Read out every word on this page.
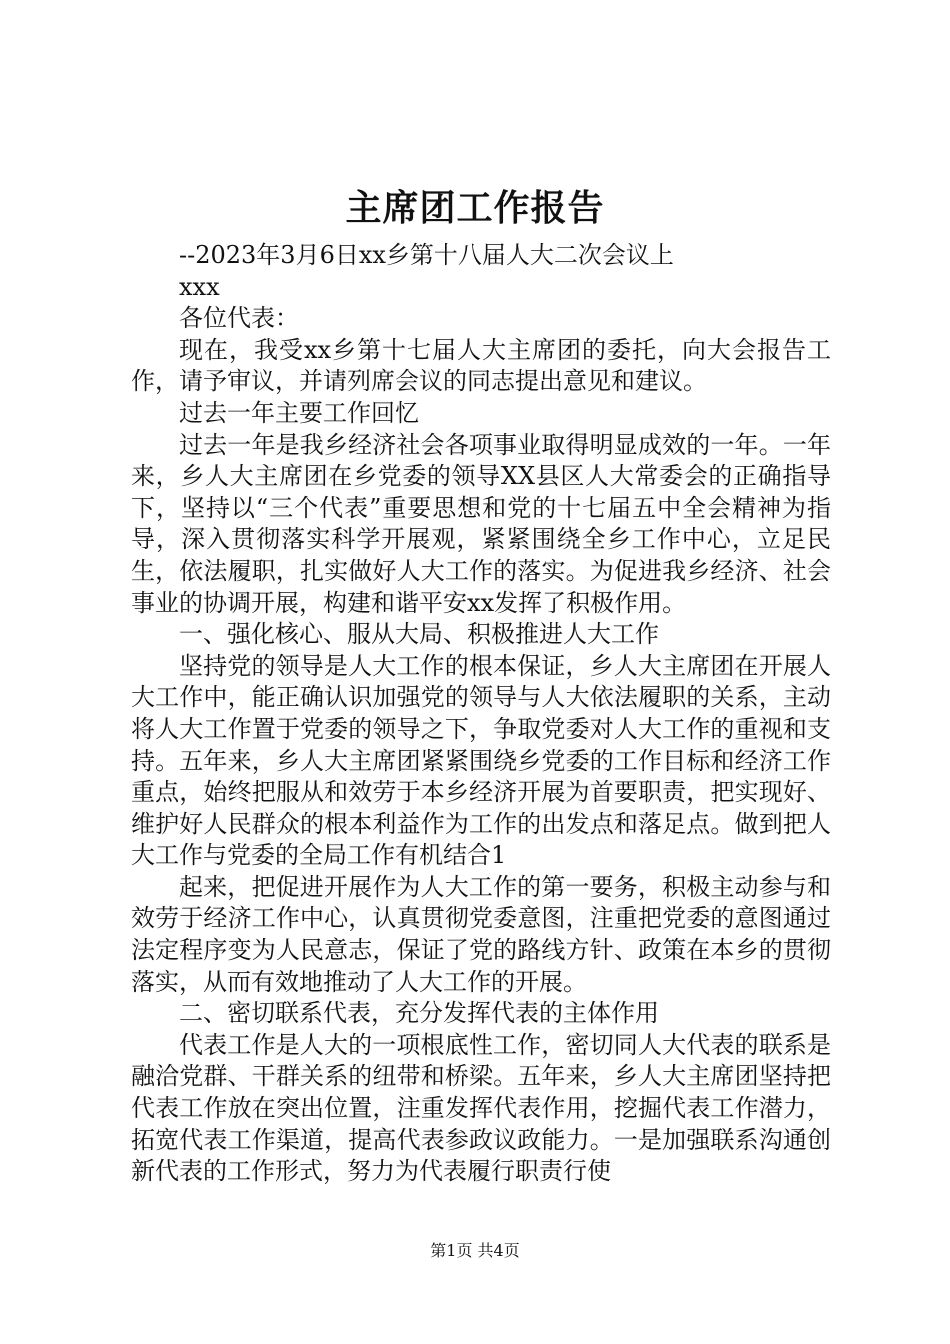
主席团工作报告

--2023年3月6日xx乡第十八届人大二次会议上

xxx

各位代表：

现在，我受xx乡第十七届人大主席团的委托，向大会报告工作，请予审议，并请列席会议的同志提出意见和建议。

过去一年主要工作回忆

过去一年是我乡经济社会各项事业取得明显成效的一年。一年来，乡人大主席团在乡党委的领导XX县区人大常委会的正确指导下，坚持以“三个代表”重要思想和党的十七届五中全会精神为指导，深入贯彻落实科学开展观，紧紧围绕全乡工作中心，立足民生，依法履职，扎实做好人大工作的落实。为促进我乡经济、社会事业的协调开展，构建和谐平安xx发挥了积极作用。

一、强化核心、服从大局、积极推进人大工作

坚持党的领导是人大工作的根本保证，乡人大主席团在开展人大工作中，能正确认识加强党的领导与人大依法履职的关系，主动将人大工作置于党委的领导之下，争取党委对人大工作的重视和支持。五年来，乡人大主席团紧紧围绕乡党委的工作目标和经济工作重点，始终把服从和效劳于本乡经济开展为首要职责，把实现好、维护好人民群众的根本利益作为工作的出发点和落足点。做到把人大工作与党委的全局工作有机结合1

起来，把促进开展作为人大工作的第一要务，积极主动参与和效劳于经济工作中心，认真贯彻党委意图，注重把党委的意图通过法定程序变为人民意志，保证了党的路线方针、政策在本乡的贯彻落实，从而有效地推动了人大工作的开展。

二、密切联系代表，充分发挥代表的主体作用

代表工作是人大的一项根底性工作，密切同人大代表的联系是融洽党群、干群关系的纽带和桥梁。五年来，乡人大主席团坚持把代表工作放在突出位置，注重发挥代表作用，挖掘代表工作潜力，拓宽代表工作渠道，提高代表参政议政能力。一是加强联系沟通创新代表的工作形式，努力为代表履行职责行使

第1页 共4页
